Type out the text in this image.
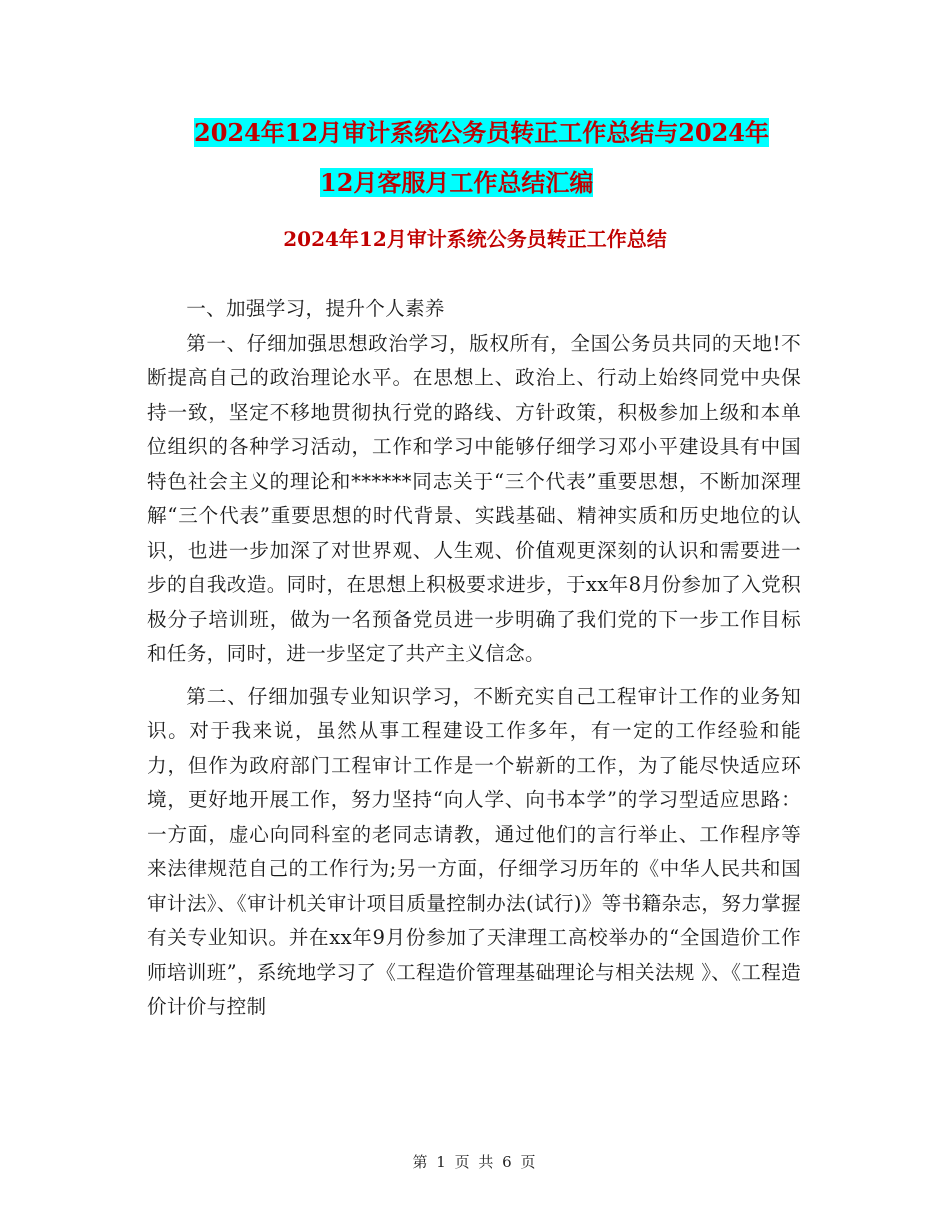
2024年12月审计系统公务员转正工作总结与2024年
12月客服月工作总结汇编
2024年12月审计系统公务员转正工作总结

一、加强学习，提升个人素养

第一、仔细加强思想政治学习，版权所有，全国公务员共同的天地!不断提高自己的政治理论水平。在思想上、政治上、行动上始终同党中央保持一致，坚定不移地贯彻执行党的路线、方针政策，积极参加上级和本单位组织的各种学习活动，工作和学习中能够仔细学习邓小平建设具有中国特色社会主义的理论和******同志关于“三个代表”重要思想，不断加深理解“三个代表”重要思想的时代背景、实践基础、精神实质和历史地位的认识，也进一步加深了对世界观、人生观、价值观更深刻的认识和需要进一步的自我改造。同时，在思想上积极要求进步，于xx年8月份参加了入党积极分子培训班，做为一名预备党员进一步明确了我们党的下一步工作目标和任务，同时，进一步坚定了共产主义信念。

第二、仔细加强专业知识学习，不断充实自己工程审计工作的业务知识。对于我来说，虽然从事工程建设工作多年，有一定的工作经验和能力，但作为政府部门工程审计工作是一个崭新的工作，为了能尽快适应环境，更好地开展工作，努力坚持“向人学、向书本学”的学习型适应思路：一方面，虚心向同科室的老同志请教，通过他们的言行举止、工作程序等来法律规范自己的工作行为;另一方面，仔细学习历年的《中华人民共和国审计法》、《审计机关审计项目质量控制办法(试行)》等书籍杂志，努力掌握有关专业知识。并在xx年9月份参加了天津理工高校举办的“全国造价工作师培训班”，系统地学习了《工程造价管理基础理论与相关法规 》、《工程造价计价与控制

第 1 页 共 6 页
